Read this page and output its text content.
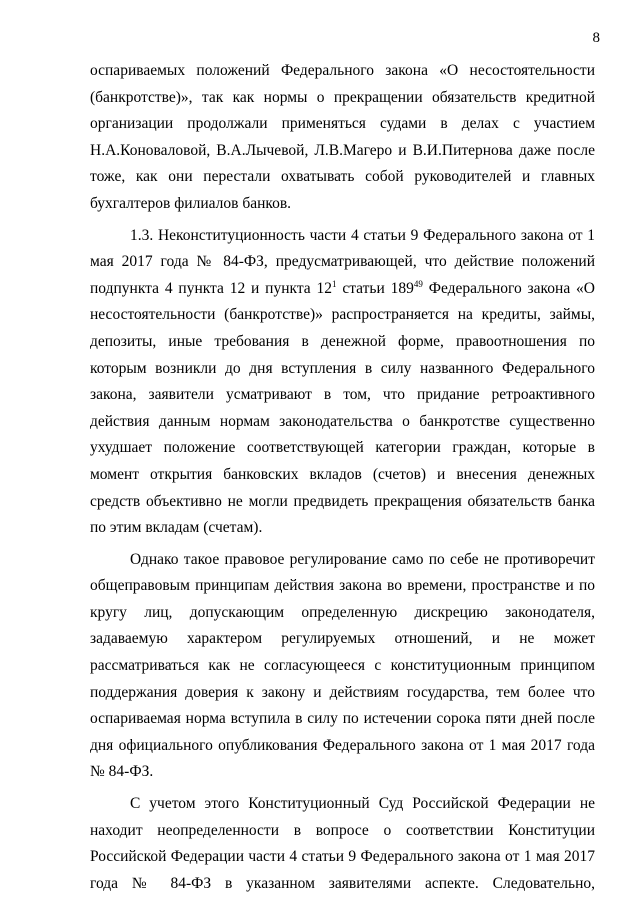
8
оспариваемых положений Федерального закона «О несостоятельности
(банкротстве)», так как нормы о прекращении обязательств кредитной
организации продолжали применяться судами в делах с участием
Н.А.Коноваловой, В.А.Лычевой, Л.В.Магеро и В.И.Питернова даже после
тоже, как они перестали охватывать собой руководителей и главных
бухгалтеров филиалов банков.
1.3. Неконституционность части 4 статьи 9 Федерального закона от 1
мая 2017 года № 84-ФЗ, предусматривающей, что действие положений
подпункта 4 пункта 12 и пункта $12^1$ статьи $189^{49}$ Федерального закона «О
несостоятельности (банкротстве)» распространяется на кредиты, займы,
депозиты, иные требования в денежной форме, правоотношения по
которым возникли до дня вступления в силу названного Федерального
закона, заявители усматривают в том, что придание ретроактивного
действия данным нормам законодательства о банкротстве существенно
ухудшает положение соответствующей категории граждан, которые в
момент открытия банковских вкладов (счетов) и внесения денежных
средств объективно не могли предвидеть прекращения обязательств банка
по этим вкладам (счетам).
Однако такое правовое регулирование само по себе не противоречит
общеправовым принципам действия закона во времени, пространстве и по
кругу лиц, допускающим определенную дискрецию законодателя,
задаваемую характером регулируемых отношений, и не может
рассматриваться как не согласующееся с конституционным принципом
поддержания доверия к закону и действиям государства, тем более что
оспариваемая норма вступила в силу по истечении сорока пяти дней после
дня официального опубликования Федерального закона от 1 мая 2017 года
№ 84-ФЗ.
С учетом этого Конституционный Суд Российской Федерации не
находит неопределенности в вопросе о соответствии Конституции
Российской Федерации части 4 статьи 9 Федерального закона от 1 мая 2017
года № 84-ФЗ в указанном заявителями аспекте. Следовательно,
